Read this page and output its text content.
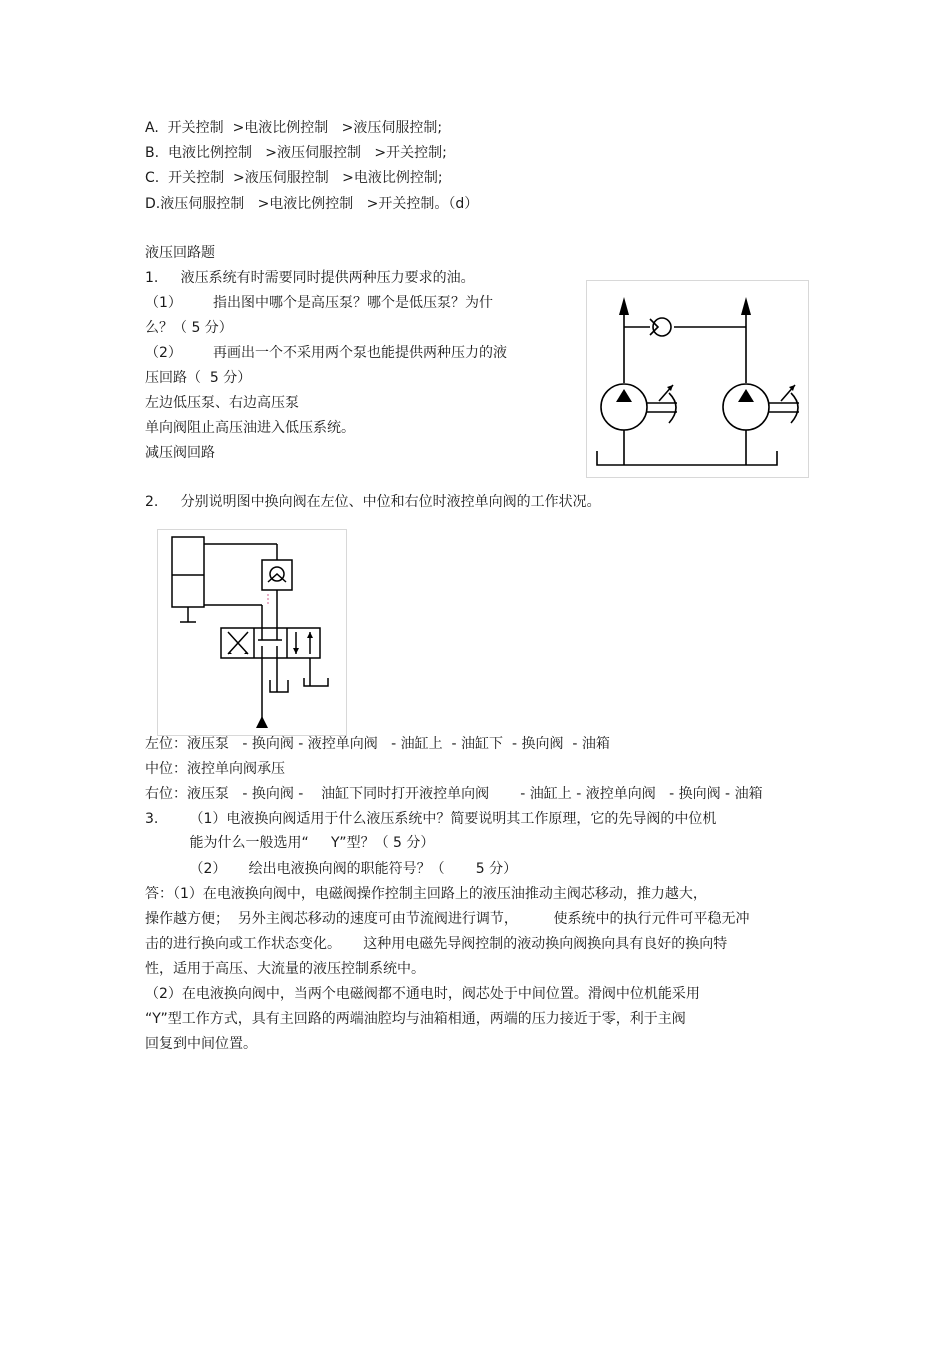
A.  开关控制  >电液比例控制   >液压伺服控制;
B.  电液比例控制   >液压伺服控制   >开关控制;
C.  开关控制  >液压伺服控制   >电液比例控制;
D.液压伺服控制   >电液比例控制   >开关控制。（d）
液压回路题
1.     液压系统有时需要同时提供两种压力要求的油。
（1）       指出图中哪个是高压泵？哪个是低压泵？为什
么？（ 5 分）
（2）       再画出一个不采用两个泵也能提供两种压力的液
压回路（  5 分）
左边低压泵、右边高压泵
单向阀阻止高压油进入低压系统。
减压阀回路
2.     分别说明图中换向阀在左位、中位和右位时液控单向阀的工作状况。
左位：液压泵   - 换向阀 - 液控单向阀   - 油缸上  - 油缸下  - 换向阀  - 油箱
中位：液控单向阀承压
右位：液压泵   - 换向阀 -    油缸下同时打开液控单向阀       - 油缸上 - 液控单向阀   - 换向阀 - 油箱
3.       （1）电液换向阀适用于什么液压系统中？简要说明其工作原理，它的先导阀的中位机
能为什么一般选用“     Y”型？（ 5 分）
（2）     绘出电液换向阀的职能符号？（       5 分）
答：（1）在电液换向阀中，电磁阀操作控制主回路上的液压油推动主阀芯移动，推力越大，
操作越方便；  另外主阀芯移动的速度可由节流阀进行调节，        使系统中的执行元件可平稳无冲
击的进行换向或工作状态变化。     这种用电磁先导阀控制的液动换向阀换向具有良好的换向特
性，适用于高压、大流量的液压控制系统中。
（2）在电液换向阀中，当两个电磁阀都不通电时，阀芯处于中间位置。滑阀中位机能采用
“Y”型工作方式，具有主回路的两端油腔均与油箱相通，两端的压力接近于零，利于主阀
回复到中间位置。
